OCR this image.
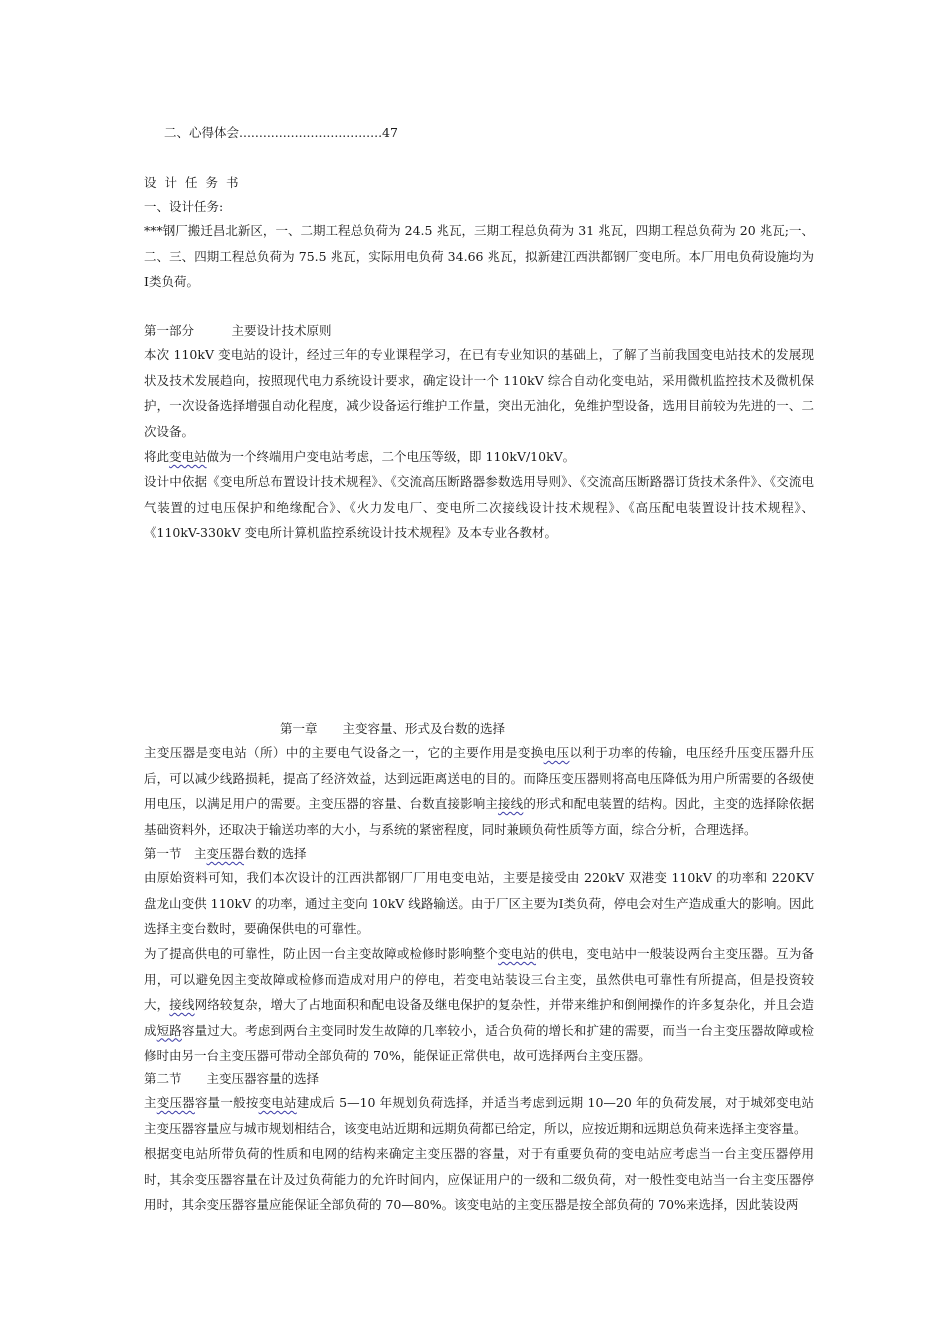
二、心得体会....................................47
设计任务书
一、设计任务:
***钢厂搬迁昌北新区，一、二期工程总负荷为 24.5 兆瓦，三期工程总负荷为 31 兆瓦，四期工程总负荷为 20 兆瓦;一、二、三、四期工程总负荷为 75.5 兆瓦，实际用电负荷 34.66 兆瓦，拟新建江西洪都钢厂变电所。本厂用电负荷设施均为Ⅰ类负荷。
第一部分　　　主要设计技术原则
本次 110kV 变电站的设计，经过三年的专业课程学习，在已有专业知识的基础上，了解了当前我国变电站技术的发展现状及技术发展趋向，按照现代电力系统设计要求，确定设计一个 110kV 综合自动化变电站，采用微机监控技术及微机保护，一次设备选择增强自动化程度，减少设备运行维护工作量，突出无油化，免维护型设备，选用目前较为先进的一、二次设备。
将此变电站做为一个终端用户变电站考虑，二个电压等级，即 110kV/10kV。
设计中依据《变电所总布置设计技术规程》、《交流高压断路器参数选用导则》、《交流高压断路器订货技术条件》、《交流电气装置的过电压保护和绝缘配合》、《火力发电厂、变电所二次接线设计技术规程》、《高压配电装置设计技术规程》、《110kV-330kV 变电所计算机监控系统设计技术规程》及本专业各教材。
第一章　　主变容量、形式及台数的选择
主变压器是变电站（所）中的主要电气设备之一，它的主要作用是变换电压以利于功率的传输，电压经升压变压器升压后，可以减少线路损耗，提高了经济效益，达到远距离送电的目的。而降压变压器则将高电压降低为用户所需要的各级使用电压，以满足用户的需要。主变压器的容量、台数直接影响主接线的形式和配电装置的结构。因此，主变的选择除依据基础资料外，还取决于输送功率的大小，与系统的紧密程度，同时兼顾负荷性质等方面，综合分析，合理选择。
第一节　主变压器台数的选择
由原始资料可知，我们本次设计的江西洪都钢厂厂用电变电站，主要是接受由 220kV 双港变 110kV 的功率和 220KV 盘龙山变供 110kV 的功率，通过主变向 10kV 线路输送。由于厂区主要为Ⅰ类负荷，停电会对生产造成重大的影响。因此选择主变台数时，要确保供电的可靠性。
为了提高供电的可靠性，防止因一台主变故障或检修时影响整个变电站的供电，变电站中一般装设两台主变压器。互为备用，可以避免因主变故障或检修而造成对用户的停电，若变电站装设三台主变，虽然供电可靠性有所提高，但是投资较大，接线网络较复杂，增大了占地面积和配电设备及继电保护的复杂性，并带来维护和倒闸操作的许多复杂化，并且会造成短路容量过大。考虑到两台主变同时发生故障的几率较小，适合负荷的增长和扩建的需要，而当一台主变压器故障或检修时由另一台主变压器可带动全部负荷的 70%，能保证正常供电，故可选择两台主变压器。
第二节　　主变压器容量的选择
主变压器容量一般按变电站建成后 5—10 年规划负荷选择，并适当考虑到远期 10—20 年的负荷发展，对于城郊变电站主变压器容量应与城市规划相结合，该变电站近期和远期负荷都已给定，所以，应按近期和远期总负荷来选择主变容量。
根据变电站所带负荷的性质和电网的结构来确定主变压器的容量，对于有重要负荷的变电站应考虑当一台主变压器停用时，其余变压器容量在计及过负荷能力的允许时间内，应保证用户的一级和二级负荷，对一般性变电站当一台主变压器停用时，其余变压器容量应能保证全部负荷的 70—80%。该变电站的主变压器是按全部负荷的 70%来选择，因此装设两
